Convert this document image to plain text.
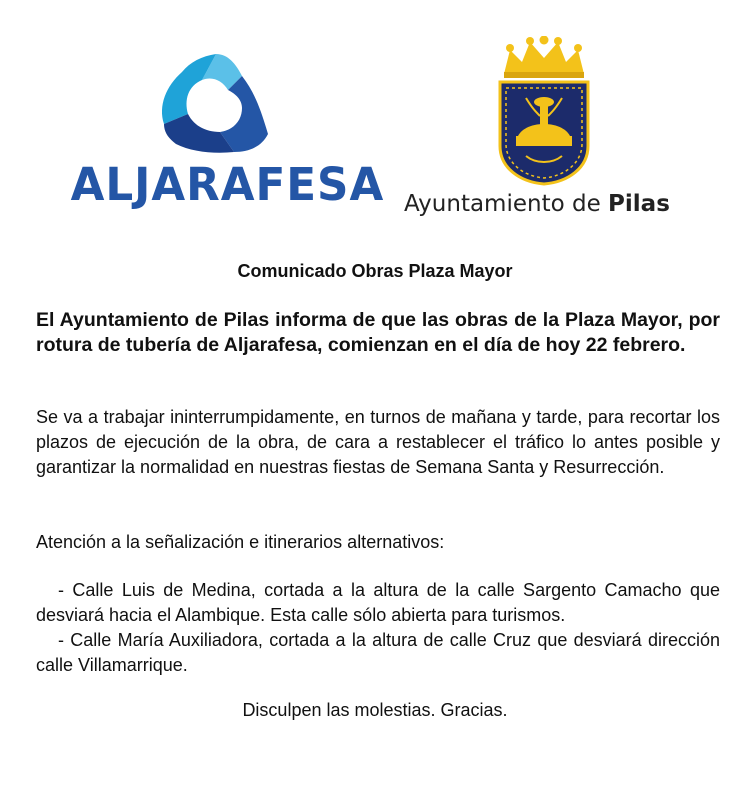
ALJARAFESA Ayuntamiento de Pilas
Comunicado Obras Plaza Mayor
El Ayuntamiento de Pilas informa de que las obras de la Plaza Mayor, por rotura de tubería de Aljarafesa, comienzan en el día de hoy 22 febrero.
Se va a trabajar ininterrumpidamente, en turnos de mañana y tarde, para recortar los plazos de ejecución de la obra, de cara a restablecer el tráfico lo antes posible y garantizar la normalidad en nuestras fiestas de Semana Santa y Resurrección.
Atención a la señalización e itinerarios alternativos:
- Calle Luis de Medina, cortada a la altura de la calle Sargento Camacho que desviará hacia el Alambique. Esta calle sólo abierta para turismos.
- Calle María Auxiliadora, cortada a la altura de calle Cruz que desviará dirección calle Villamarrique.
Disculpen las molestias. Gracias.
